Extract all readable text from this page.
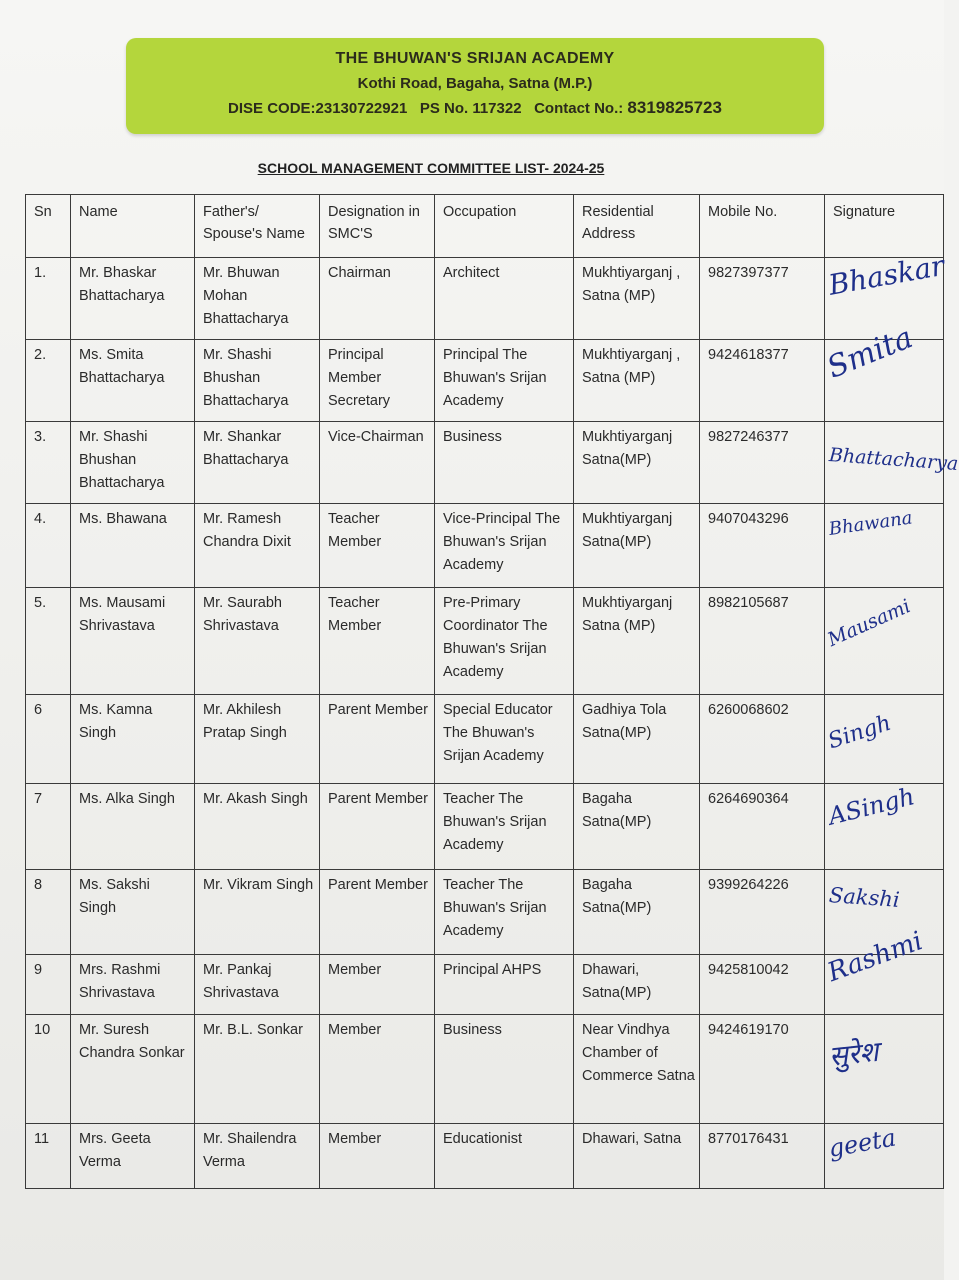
THE BHUWAN'S SRIJAN ACADEMY
Kothi Road, Bagaha, Satna (M.P.)
DISE CODE:23130722921 PS No. 117322 Contact No.: 8319825723
SCHOOL MANAGEMENT COMMITTEE LIST- 2024-25
Sn	Name	Father's/ Spouse's Name	Designation in SMC'S	Occupation	Residential Address	Mobile No.	Signature
1.	Mr. Bhaskar Bhattacharya	Mr. Bhuwan Mohan Bhattacharya	Chairman	Architect	Mukhtiyarganj , Satna (MP)	9827397377	Bhaskar

2.	Ms. Smita Bhattacharya	Mr. Shashi Bhushan Bhattacharya	Principal Member Secretary	Principal The Bhuwan's Srijan Academy	Mukhtiyarganj , Satna (MP)	9424618377	Smita

3.	Mr. Shashi Bhushan Bhattacharya	Mr. Shankar Bhattacharya	Vice-Chairman	Business	Mukhtiyarganj Satna(MP)	9827246377	Bhattacharya

4.	Ms. Bhawana	Mr. Ramesh Chandra Dixit	Teacher Member	Vice-Principal The Bhuwan's Srijan Academy	Mukhtiyarganj Satna(MP)	9407043296	Bhawana

5.	Ms. Mausami Shrivastava	Mr. Saurabh Shrivastava	Teacher Member	Pre-Primary Coordinator The Bhuwan's Srijan Academy	Mukhtiyarganj Satna (MP)	8982105687	Mausami

6	Ms. Kamna Singh	Mr. Akhilesh Pratap Singh	Parent Member	Special Educator The Bhuwan's Srijan Academy	Gadhiya Tola Satna(MP)	6260068602	Singh

7	Ms. Alka Singh	Mr. Akash Singh	Parent Member	Teacher The Bhuwan's Srijan Academy	Bagaha Satna(MP)	6264690364	ASingh

8	Ms. Sakshi Singh	Mr. Vikram Singh	Parent Member	Teacher The Bhuwan's Srijan Academy	Bagaha Satna(MP)	9399264226	Sakshi

9	Mrs. Rashmi Shrivastava	Mr. Pankaj Shrivastava	Member	Principal AHPS	Dhawari, Satna(MP)	9425810042	Rashmi

10	Mr. Suresh Chandra Sonkar	Mr. B.L. Sonkar	Member	Business	Near Vindhya Chamber of Commerce Satna	9424619170	सुरेश

11	Mrs. Geeta Verma	Mr. Shailendra Verma	Member	Educationist	Dhawari, Satna	8770176431	geeta
